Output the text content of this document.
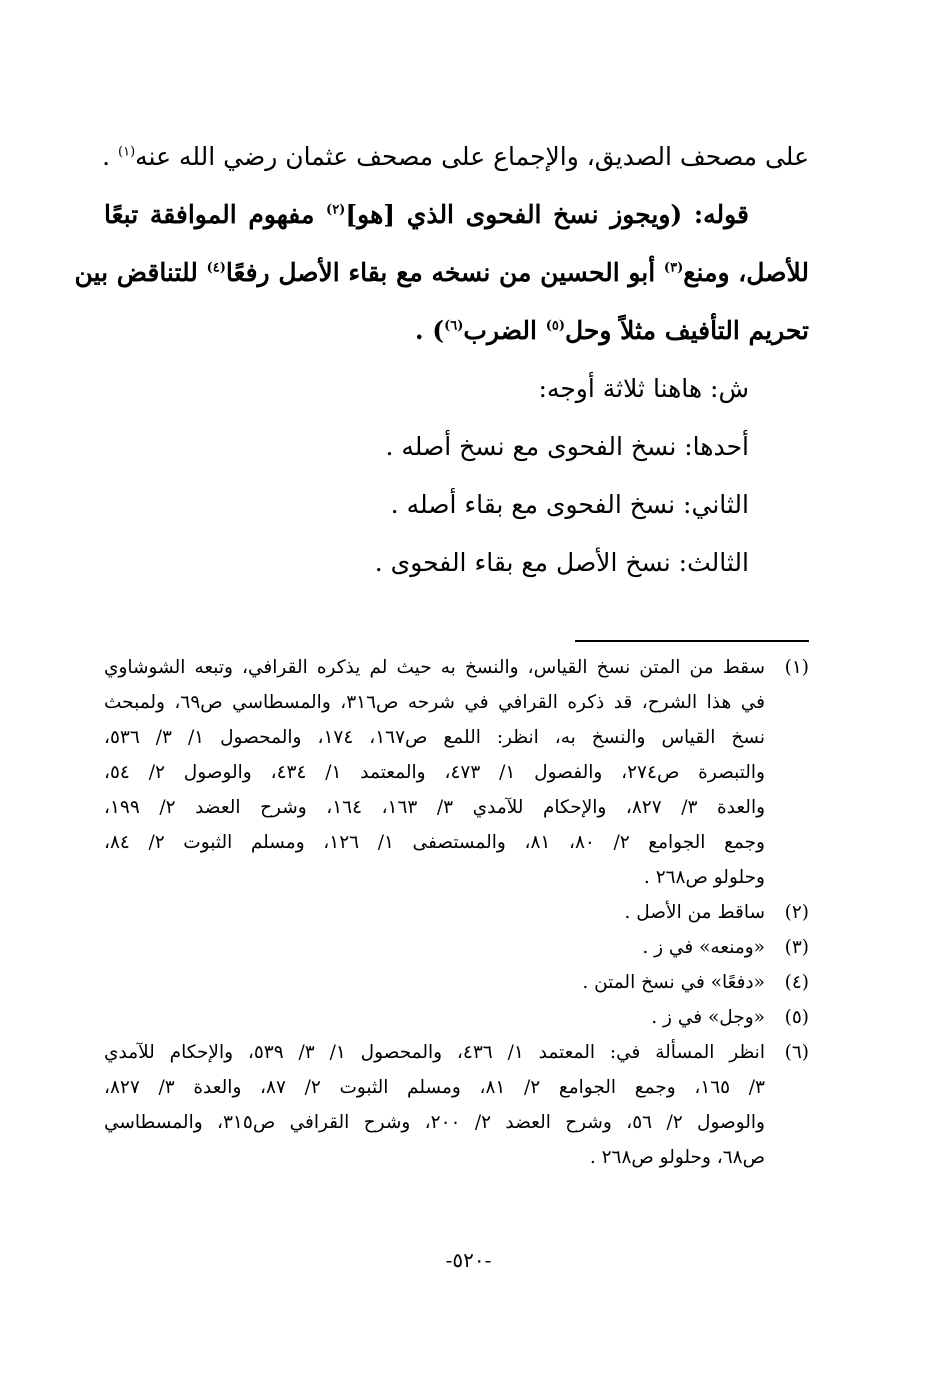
على مصحف الصديق، والإجماع على مصحف عثمان رضي الله عنه$^{(١)}$ .
قوله: (ويجوز نسخ الفحوى الذي [هو]$^{(٢)}$ مفهوم الموافقة تبعًا
للأصل، ومنع$^{(٣)}$ أبو الحسين من نسخه مع بقاء الأصل رفعًا$^{(٤)}$ للتناقض بين
تحريم التأفيف مثلاً وحل$^{(٥)}$ الضرب$^{(٦)}$) .
ش: هاهنا ثلاثة أوجه:
أحدها: نسخ الفحوى مع نسخ أصله .
الثاني: نسخ الفحوى مع بقاء أصله .
الثالث: نسخ الأصل مع بقاء الفحوى .
(١)
سقط من المتن نسخ القياس، والنسخ به حيث لم يذكره القرافي، وتبعه الشوشاوي
في هذا الشرح، قد ذكره القرافي في شرحه ص٣١٦، والمسطاسي ص٦٩، ولمبحث
نسخ القياس والنسخ به، انظر: اللمع ص١٦٧، ١٧٤، والمحصول ١/ ٣/ ٥٣٦،
والتبصرة ص٢٧٤، والفصول ١/ ٤٧٣، والمعتمد ١/ ٤٣٤، والوصول ٢/ ٥٤،
والعدة ٣/ ٨٢٧، والإحكام للآمدي ٣/ ١٦٣، ١٦٤، وشرح العضد ٢/ ١٩٩،
وجمع الجوامع ٢/ ٨٠، ٨١، والمستصفى ١/ ١٢٦، ومسلم الثبوت ٢/ ٨٤،
وحلولو ص٢٦٨ .
(٢)
ساقط من الأصل .
(٣)
«ومنعه» في ز .
(٤)
«دفعًا» في نسخ المتن .
(٥)
«وجل» في ز .
(٦)
انظر المسألة في: المعتمد ١/ ٤٣٦، والمحصول ١/ ٣/ ٥٣٩، والإحكام للآمدي
٣/ ١٦٥، وجمع الجوامع ٢/ ٨١، ومسلم الثبوت ٢/ ٨٧، والعدة ٣/ ٨٢٧،
والوصول ٢/ ٥٦، وشرح العضد ٢/ ٢٠٠، وشرح القرافي ص٣١٥، والمسطاسي
ص٦٨، وحلولو ص٢٦٨ .
-٥٢٠-
